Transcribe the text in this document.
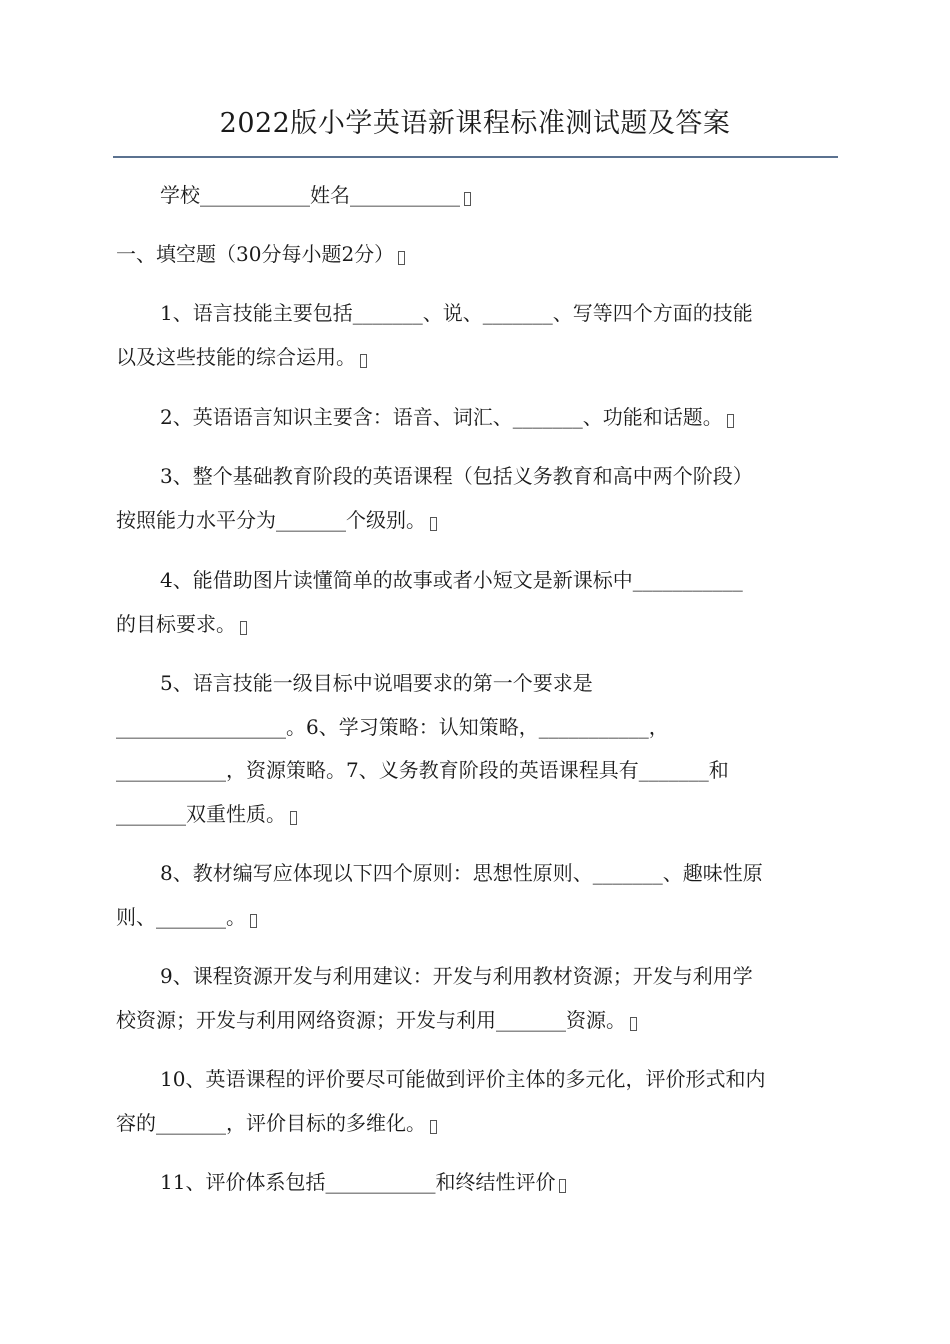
2022版小学英语新课程标准测试题及答案
学校___________姓名___________
一、填空题（30分每小题2分）
1、语言技能主要包括_______、说、_______、写等四个方面的技能
以及这些技能的综合运用。
2、英语语言知识主要含：语音、词汇、_______、功能和话题。
3、整个基础教育阶段的英语课程（包括义务教育和高中两个阶段）
按照能力水平分为_______个级别。
4、能借助图片读懂简单的故事或者小短文是新课标中___________
的目标要求。
5、语言技能一级目标中说唱要求的第一个要求是
_________________。6、学习策略：认知策略，___________，
___________，资源策略。7、义务教育阶段的英语课程具有_______和
_______双重性质。
8、教材编写应体现以下四个原则：思想性原则、_______、趣味性原
则、_______。
9、课程资源开发与利用建议：开发与利用教材资源；开发与利用学
校资源；开发与利用网络资源；开发与利用_______资源。
10、英语课程的评价要尽可能做到评价主体的多元化，评价形式和内
容的_______，评价目标的多维化。
11、评价体系包括___________和终结性评价
